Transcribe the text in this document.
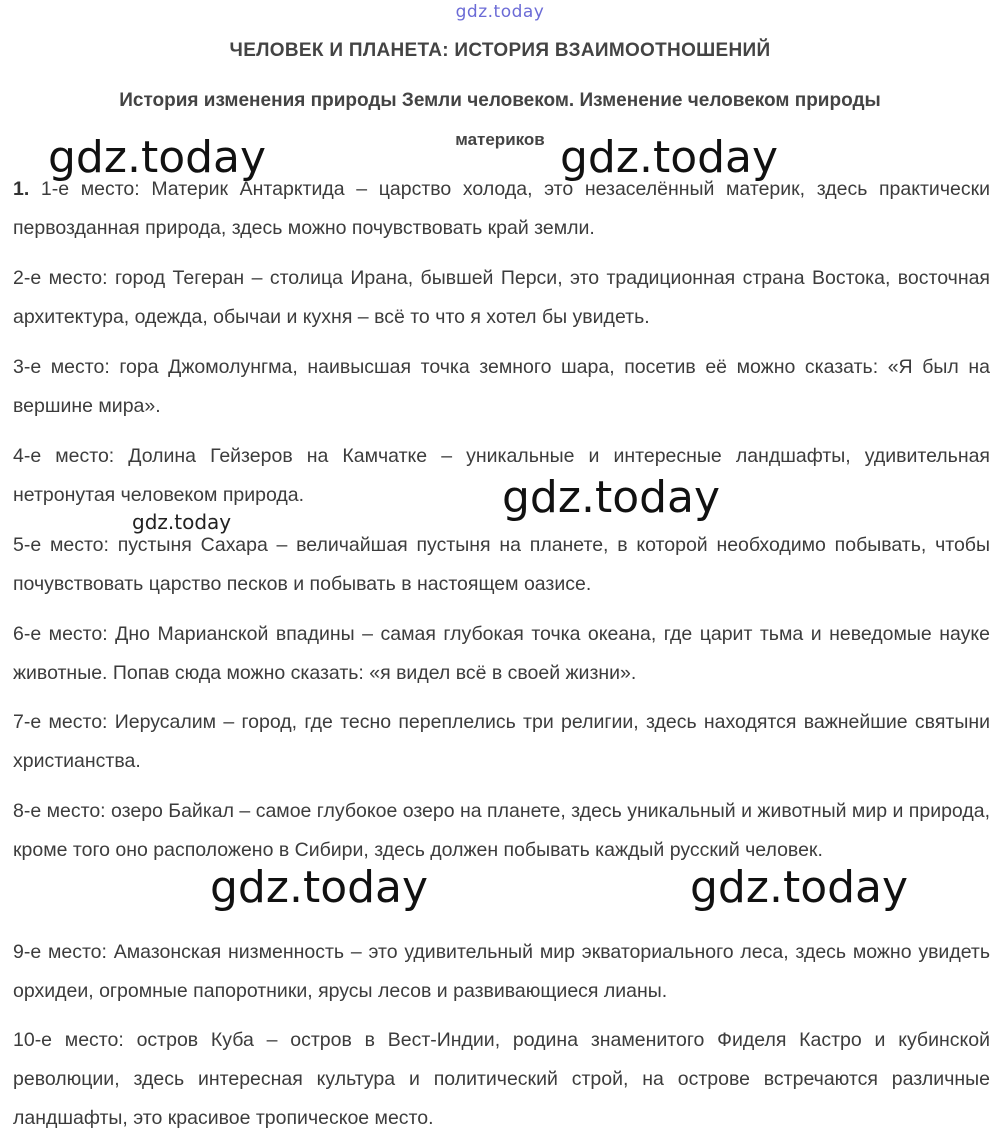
gdz.today
ЧЕЛОВЕК И ПЛАНЕТА: ИСТОРИЯ ВЗАИМООТНОШЕНИЙ
История изменения природы Земли человеком. Изменение человеком природы
материков
gdz.today	gdz.today
1. 1-е место: Материк Антарктида – царство холода, это незаселённый материк, здесь практически первозданная природа, здесь можно почувствовать край земли.
2-е место: город Тегеран – столица Ирана, бывшей Перси, это традиционная страна Востока, восточная архитектура, одежда, обычаи и кухня – всё то что я хотел бы увидеть.
3-е место: гора Джомолунгма, наивысшая точка земного шара, посетив её можно сказать: «Я был на вершине мира».
4-е место: Долина Гейзеров на Камчатке – уникальные и интересные ландшафты, удивительная нетронутая человеком природа.	gdz.today
gdz.today
5-е место: пустыня Сахара – величайшая пустыня на планете, в которой необходимо побывать, чтобы почувствовать царство песков и побывать в настоящем оазисе.
6-е место: Дно Марианской впадины – самая глубокая точка океана, где царит тьма и неведомые науке животные. Попав сюда можно сказать: «я видел всё в своей жизни».
7-е место: Иерусалим – город, где тесно переплелись три религии, здесь находятся важнейшие святыни христианства.
8-е место: озеро Байкал – самое глубокое озеро на планете, здесь уникальный и животный мир и природа, кроме того оно расположено в Сибири, здесь должен побывать каждый русский человек.
gdz.today	gdz.today
9-е место: Амазонская низменность – это удивительный мир экваториального леса, здесь можно увидеть орхидеи, огромные папоротники, ярусы лесов и развивающиеся лианы.
10-е место: остров Куба – остров в Вест-Индии, родина знаменитого Фиделя Кастро и кубинской революции, здесь интересная культура и политический строй, на острове встречаются различные ландшафты, это красивое тропическое место.
